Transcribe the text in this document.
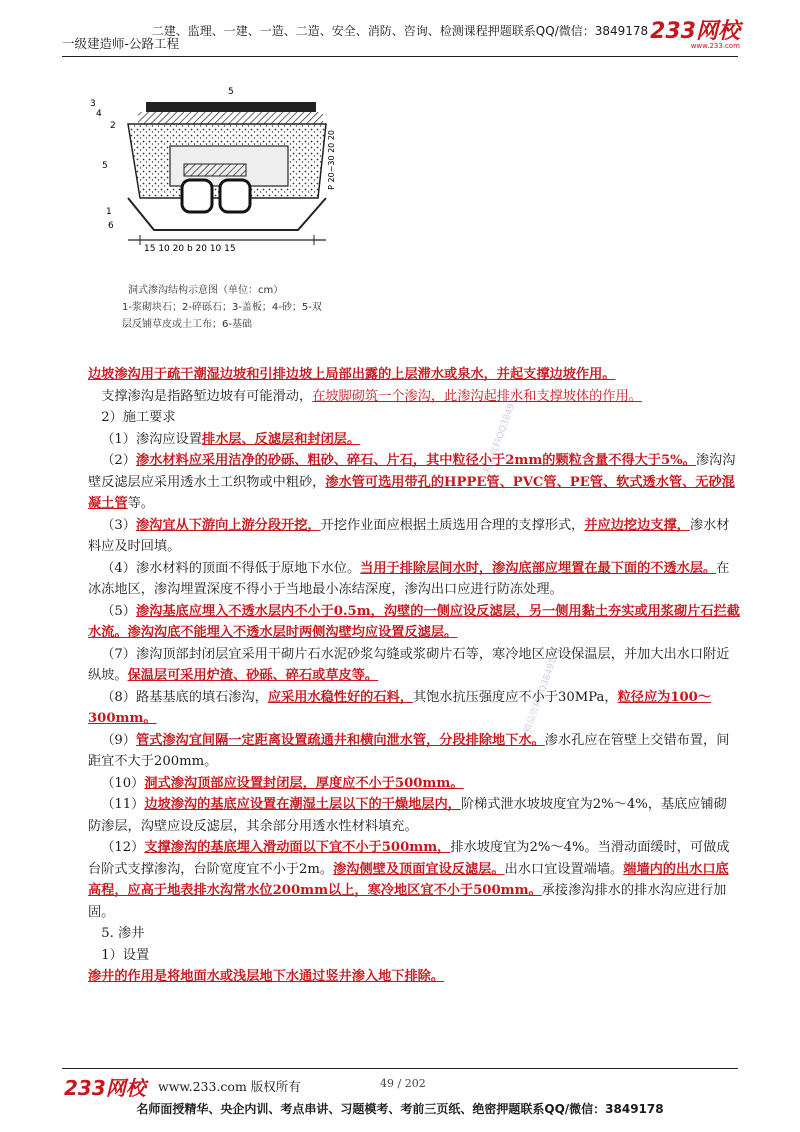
二建、监理、一建、一造、二造、安全、消防、咨询、检测课程押题联系QQ/微信：3849178
一级建造师-公路工程	233网校
www.233.com
15 10 20 b 20 10 15
3
4
2
5
5
1
6
P 20~30 20 20
洞式渗沟结构示意图（单位：cm）
1-浆砌块石；2-碎砾石；3-盖板；4-砂；5-双
层反铺草皮或土工布；6-基础
精品资料QQ3849178
精品资料QQ3849178

边坡渗沟用于疏干潮湿边坡和引排边坡上局部出露的上层滞水或泉水，并起支撑边坡作用。

 支撑渗沟是指路堑边坡有可能滑动，在坡脚砌筑一个渗沟，此渗沟起排水和支撑坡体的作用。

 2）施工要求

 （1）渗沟应设置排水层、反滤层和封闭层。

 （2）渗水材料应采用洁净的砂砾、粗砂、碎石、片石，其中粒径小于2mm的颗粒含量不得大于5%。渗沟沟壁反滤层应采用透水土工织物或中粗砂，渗水管可选用带孔的HPPE管、PVC管、PE管、软式透水管、无砂混凝土管等。

 （3）渗沟宜从下游向上游分段开挖，开挖作业面应根据土质选用合理的支撑形式，并应边挖边支撑，渗水材料应及时回填。

 （4）渗水材料的顶面不得低于原地下水位。当用于排除层间水时，渗沟底部应埋置在最下面的不透水层。在冰冻地区，渗沟埋置深度不得小于当地最小冻结深度，渗沟出口应进行防冻处理。

 （5）渗沟基底应埋入不透水层内不小于0.5m，沟壁的一侧应设反滤层，另一侧用黏土夯实或用浆砌片石拦截水流。渗沟沟底不能埋入不透水层时两侧沟壁均应设置反滤层。

 （7）渗沟顶部封闭层宜采用干砌片石水泥砂浆勾缝或浆砌片石等，寒冷地区应设保温层，并加大出水口附近纵坡。保温层可采用炉渣、砂砾、碎石或草皮等。

 （8）路基基底的填石渗沟，应采用水稳性好的石料，其饱水抗压强度应不小于30MPa，粒径应为100～300mm。

 （9）管式渗沟宜间隔一定距离设置疏通井和横向泄水管，分段排除地下水。渗水孔应在管壁上交错布置，间距宜不大于200mm。

 （10）洞式渗沟顶部应设置封闭层，厚度应不小于500mm。

 （11）边坡渗沟的基底应设置在潮湿土层以下的干燥地层内，阶梯式泄水坡坡度宜为2%～4%，基底应铺砌防渗层，沟壁应设反滤层，其余部分用透水性材料填充。

 （12）支撑渗沟的基底埋入滑动面以下宜不小于500mm，排水坡度宜为2%～4%。当滑动面缓时，可做成台阶式支撑渗沟，台阶宽度宜不小于2m。渗沟侧壁及顶面宜设反滤层。出水口宜设置端墙。端墙内的出水口底高程，应高于地表排水沟常水位200mm以上，寒冷地区宜不小于500mm。承接渗沟排水的排水沟应进行加固。

 5. 渗井

 1）设置

渗井的作用是将地面水或浅层地下水通过竖井渗入地下排除。

233网校 www.233.com 版权所有	49 / 202
名师面授精华、央企内训、考点串讲、习题模考、考前三页纸、绝密押题联系QQ/微信：3849178
